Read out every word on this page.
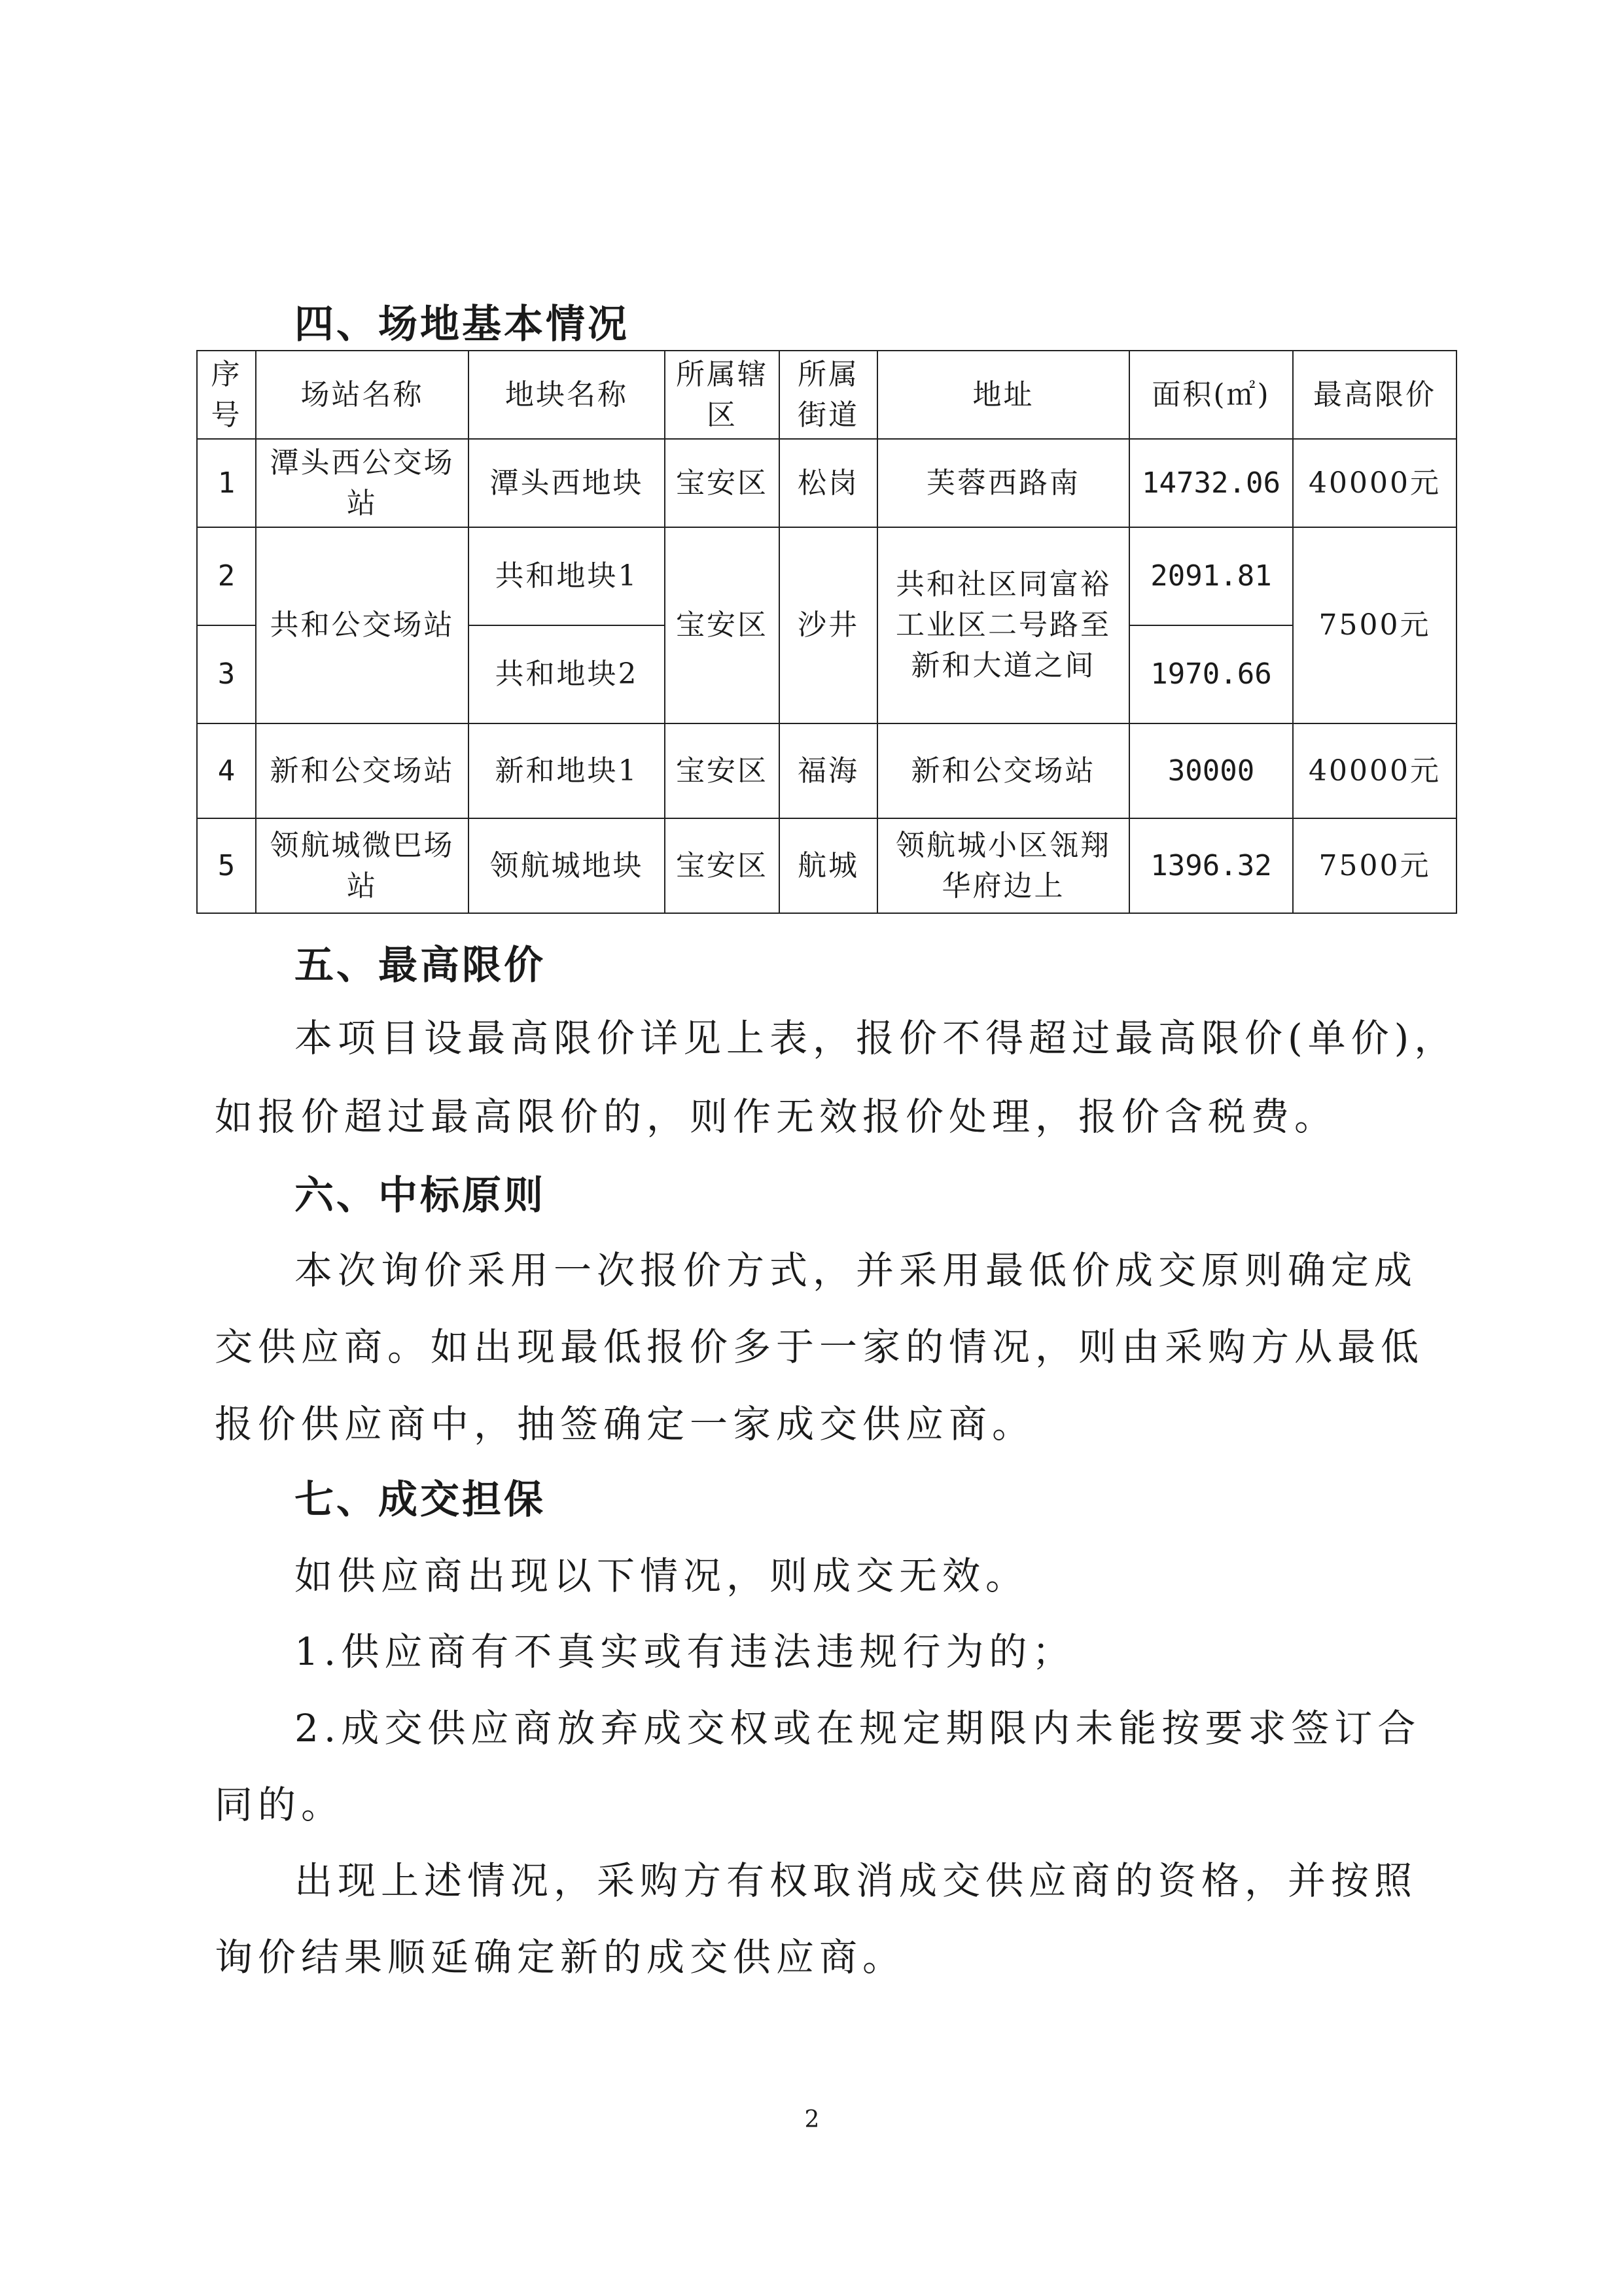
四、场地基本情况
序号	场站名称	地块名称	所属辖区	所属街道	地址	面积(㎡)	最高限价
1	潭头西公交场站	潭头西地块	宝安区	松岗	芙蓉西路南	14732.06	40000元
2	共和公交场站	共和地块1	宝安区	沙井	共和社区同富裕工业区二号路至新和大道之间	2091.81	7500元
3		共和地块2				1970.66	
4	新和公交场站	新和地块1	宝安区	福海	新和公交场站	30000	40000元
5	领航城微巴场站	领航城地块	宝安区	航城	领航城小区瓴翔华府边上	1396.32	7500元
五、最高限价
本项目设最高限价详见上表，报价不得超过最高限价(单价)，
如报价超过最高限价的，则作无效报价处理，报价含税费。
六、中标原则
本次询价采用一次报价方式，并采用最低价成交原则确定成
交供应商。如出现最低报价多于一家的情况，则由采购方从最低
报价供应商中，抽签确定一家成交供应商。
七、成交担保
如供应商出现以下情况，则成交无效。
1.供应商有不真实或有违法违规行为的；
2.成交供应商放弃成交权或在规定期限内未能按要求签订合
同的。
出现上述情况，采购方有权取消成交供应商的资格，并按照
询价结果顺延确定新的成交供应商。
2
